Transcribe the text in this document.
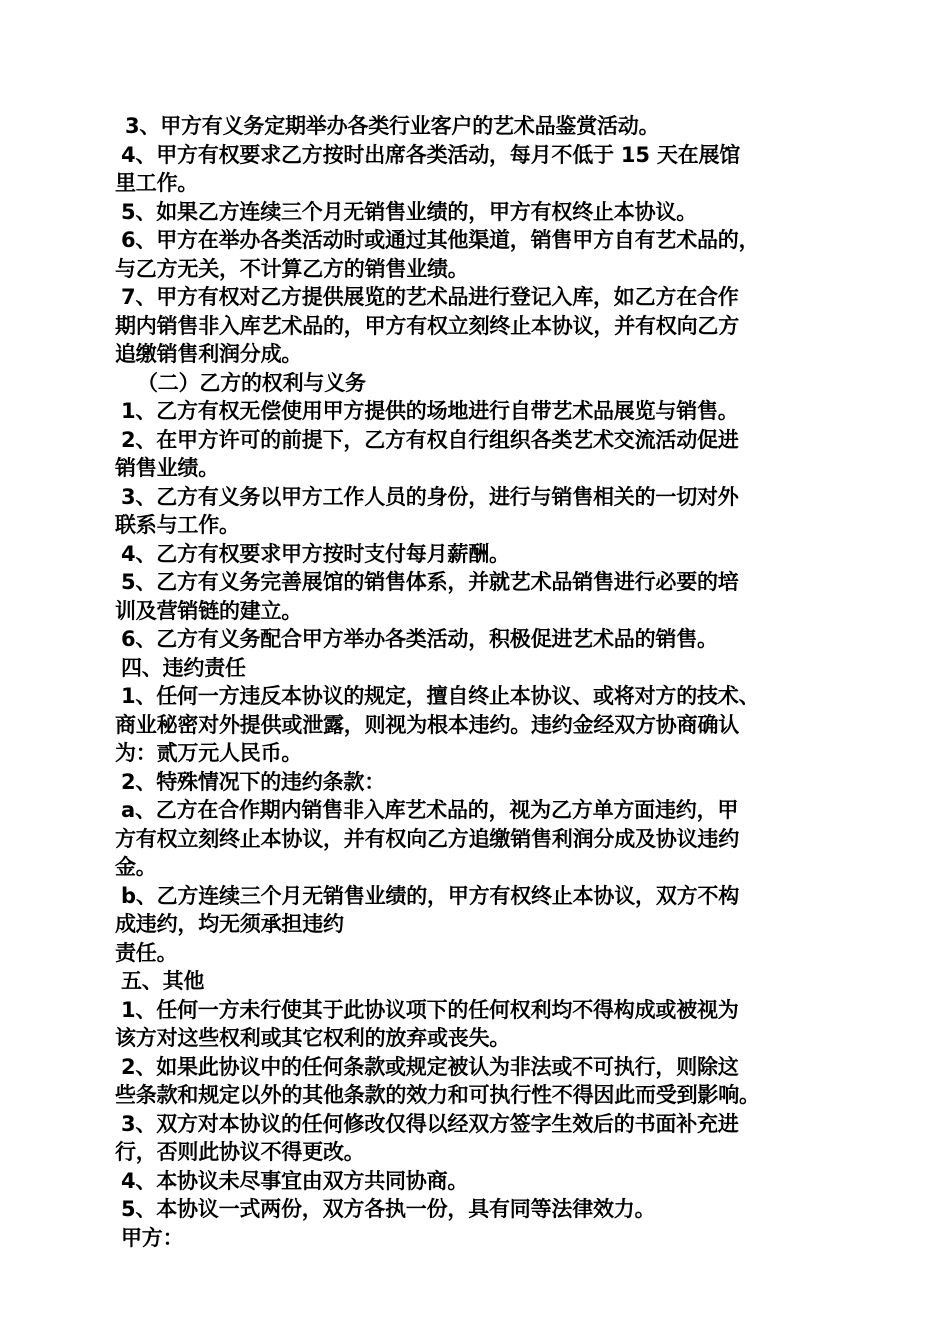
3、甲方有义务定期举办各类行业客户的艺术品鉴赏活动。
4、甲方有权要求乙方按时出席各类活动，每月不低于 15 天在展馆
里工作。
5、如果乙方连续三个月无销售业绩的，甲方有权终止本协议。
6、甲方在举办各类活动时或通过其他渠道，销售甲方自有艺术品的，
与乙方无关，不计算乙方的销售业绩。
7、甲方有权对乙方提供展览的艺术品进行登记入库，如乙方在合作
期内销售非入库艺术品的，甲方有权立刻终止本协议，并有权向乙方
追缴销售利润分成。
（二）乙方的权利与义务
1、乙方有权无偿使用甲方提供的场地进行自带艺术品展览与销售。
2、在甲方许可的前提下，乙方有权自行组织各类艺术交流活动促进
销售业绩。
3、乙方有义务以甲方工作人员的身份，进行与销售相关的一切对外
联系与工作。
4、乙方有权要求甲方按时支付每月薪酬。
5、乙方有义务完善展馆的销售体系，并就艺术品销售进行必要的培
训及营销链的建立。
6、乙方有义务配合甲方举办各类活动，积极促进艺术品的销售。
四、违约责任
1、任何一方违反本协议的规定，擅自终止本协议、或将对方的技术、
商业秘密对外提供或泄露，则视为根本违约。违约金经双方协商确认
为：贰万元人民币。
2、特殊情况下的违约条款：
a、乙方在合作期内销售非入库艺术品的，视为乙方单方面违约，甲
方有权立刻终止本协议，并有权向乙方追缴销售利润分成及协议违约
金。
b、乙方连续三个月无销售业绩的，甲方有权终止本协议，双方不构
成违约，均无须承担违约
责任。
五、其他
1、任何一方未行使其于此协议项下的任何权利均不得构成或被视为
该方对这些权利或其它权利的放弃或丧失。
2、如果此协议中的任何条款或规定被认为非法或不可执行，则除这
些条款和规定以外的其他条款的效力和可执行性不得因此而受到影响。
3、双方对本协议的任何修改仅得以经双方签字生效后的书面补充进
行，否则此协议不得更改。
4、本协议未尽事宜由双方共同协商。
5、本协议一式两份，双方各执一份，具有同等法律效力。
甲方：
